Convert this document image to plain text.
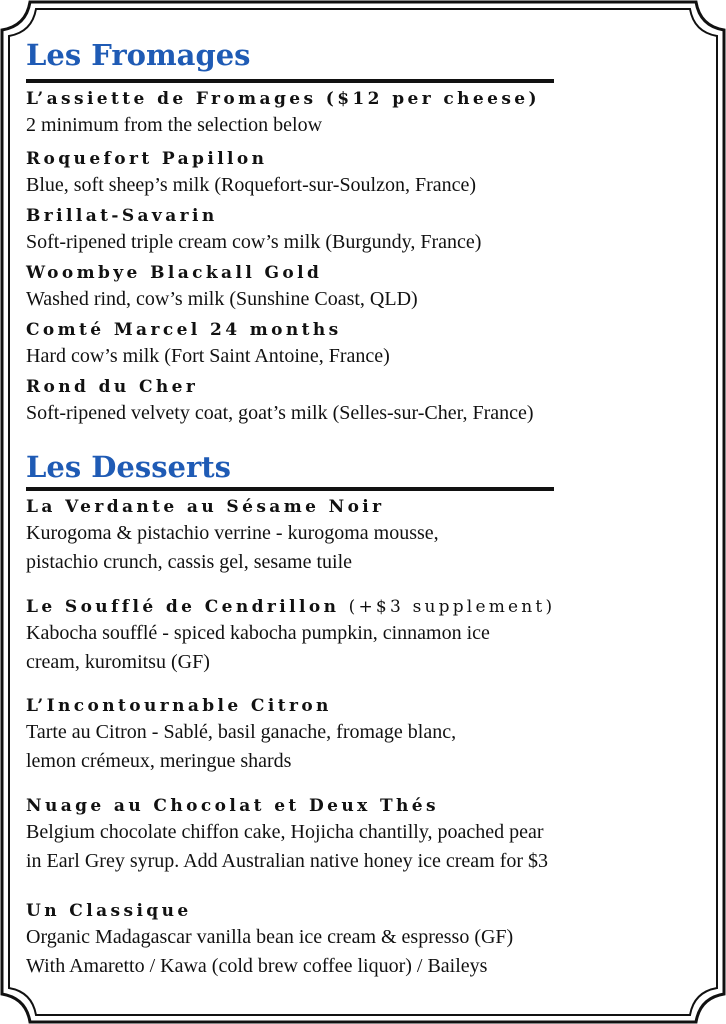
Les Fromages
L’assiette de Fromages ($12 per cheese)
2 minimum from the selection below
Roquefort Papillon
Blue, soft sheep’s milk (Roquefort-sur-Soulzon, France)
Brillat-Savarin
Soft-ripened triple cream cow’s milk (Burgundy, France)
Woombye Blackall Gold
Washed rind, cow’s milk (Sunshine Coast, QLD)
Comté Marcel 24 months
Hard cow’s milk (Fort Saint Antoine, France)
Rond du Cher
Soft-ripened velvety coat, goat’s milk (Selles-sur-Cher, France)
Les Desserts
La Verdante au Sésame Noir
Kurogoma & pistachio verrine - kurogoma mousse,
pistachio crunch, cassis gel, sesame tuile
Le Soufflé de Cendrillon (+$3 supplement)
Kabocha soufflé - spiced kabocha pumpkin, cinnamon ice
cream, kuromitsu (GF)
L’Incontournable Citron
Tarte au Citron - Sablé, basil ganache, fromage blanc,
lemon crémeux, meringue shards
Nuage au Chocolat et Deux Thés
Belgium chocolate chiffon cake, Hojicha chantilly, poached pear
in Earl Grey syrup. Add Australian native honey ice cream for $3
Un Classique
Organic Madagascar vanilla bean ice cream & espresso (GF)
With Amaretto / Kawa (cold brew coffee liquor) / Baileys
